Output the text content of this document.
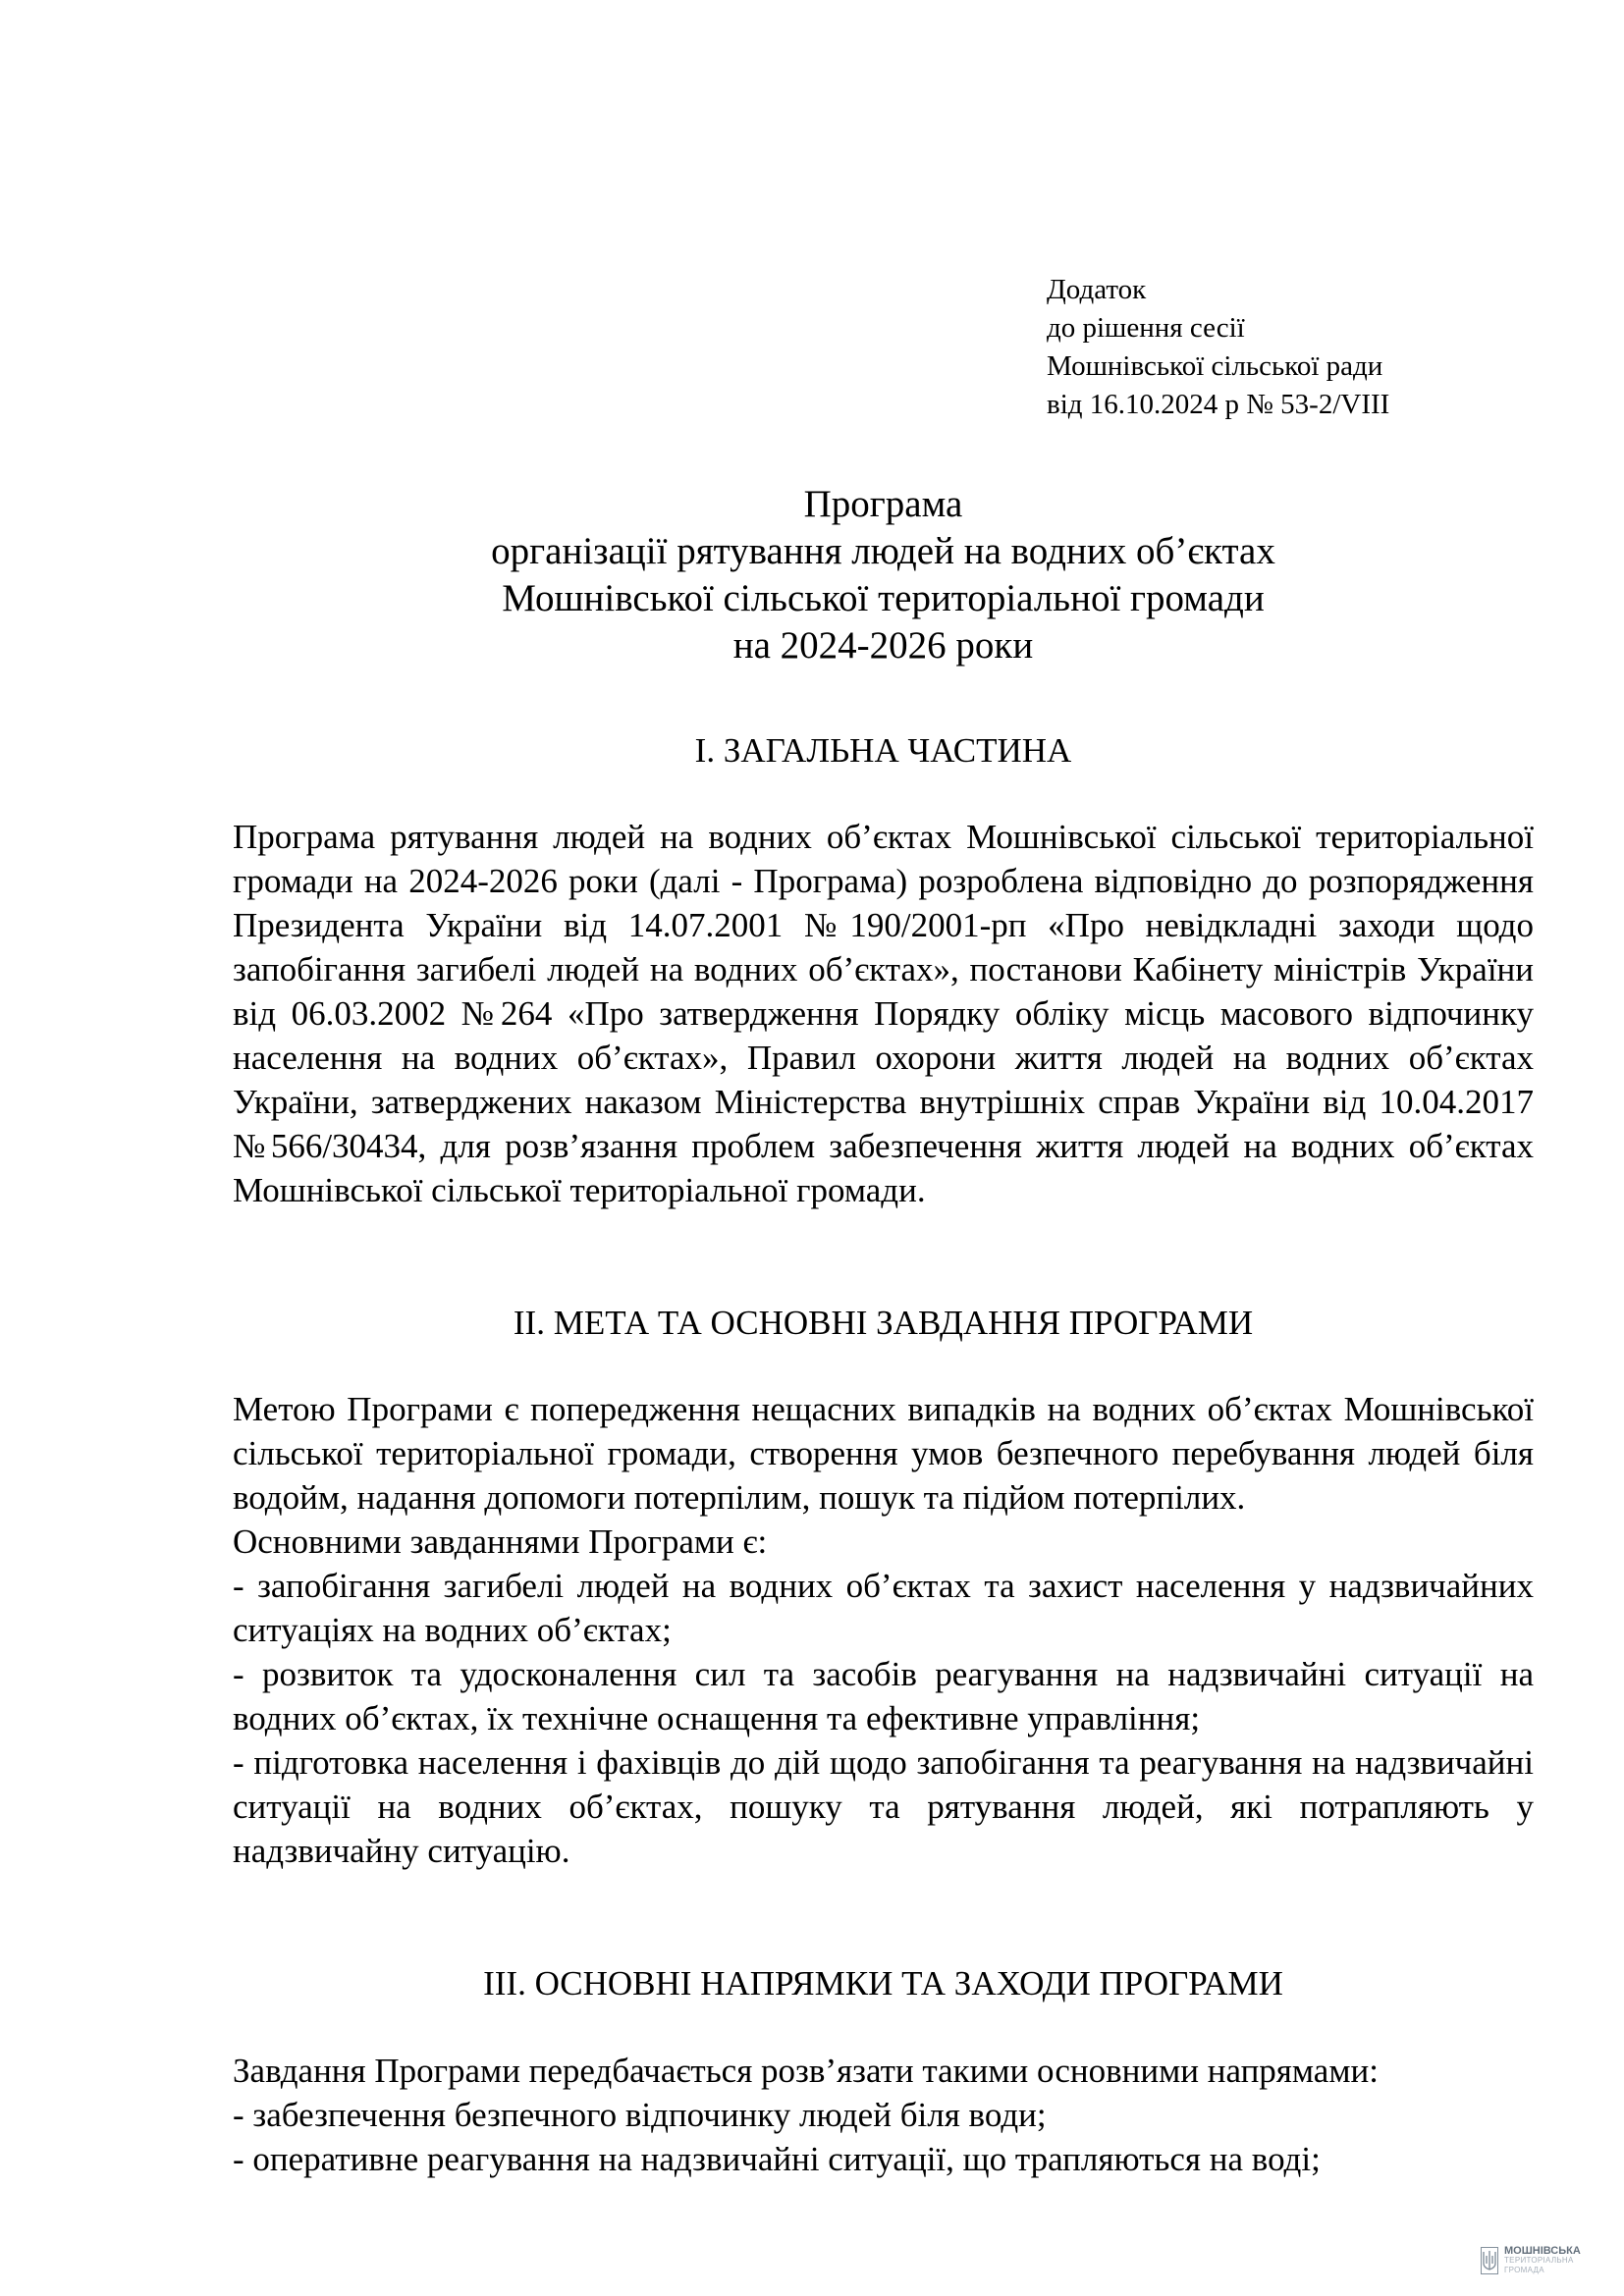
Додаток
до рішення сесії
Мошнівської сільської ради
від 16.10.2024 р № 53-2/VIII
Програма
організації рятування людей на водних об’єктах
Мошнівської сільської територіальної громади
на 2024-2026 роки
І. ЗАГАЛЬНА ЧАСТИНА
Програма рятування людей на водних об’єктах Мошнівської сільської територіальної громади на 2024-2026 роки (далі - Програма) розроблена відповідно до розпорядження Президента України від 14.07.2001 №190/2001-рп «Про невідкладні заходи щодо запобігання загибелі людей на водних об’єктах», постанови Кабінету міністрів України від 06.03.2002 №264 «Про затвердження Порядку обліку місць масового відпочинку населення на водних об’єктах», Правил охорони життя людей на водних об’єктах України, затверджених наказом Міністерства внутрішніх справ України від 10.04.2017 №566/30434, для розв’язання проблем забезпечення життя людей на водних об’єктах Мошнівської сільської територіальної громади.
ІІ. МЕТА ТА ОСНОВНІ ЗАВДАННЯ ПРОГРАМИ
Метою Програми є попередження нещасних випадків на водних об’єктах Мошнівської сільської територіальної громади, створення умов безпечного перебування людей біля водойм, надання допомоги потерпілим, пошук та підйом потерпілих.
Основними завданнями Програми є:
- запобігання загибелі людей на водних об’єктах та захист населення у надзвичайних ситуаціях на водних об’єктах;
- розвиток та удосконалення сил та засобів реагування на надзвичайні ситуації на водних об’єктах, їх технічне оснащення та ефективне управління;
- підготовка населення і фахівців до дій щодо запобігання та реагування на надзвичайні ситуації на водних об’єктах, пошуку та рятування людей, які потрапляють у надзвичайну ситуацію.
ІІІ. ОСНОВНІ НАПРЯМКИ ТА ЗАХОДИ ПРОГРАМИ
Завдання Програми передбачається розв’язати такими основними напрямами:
- забезпечення безпечного відпочинку людей біля води;
- оперативне реагування на надзвичайні ситуації, що трапляються на воді;
МОШНІВСЬКА
ТЕРИТОРІАЛЬНА
ГРОМАДА
